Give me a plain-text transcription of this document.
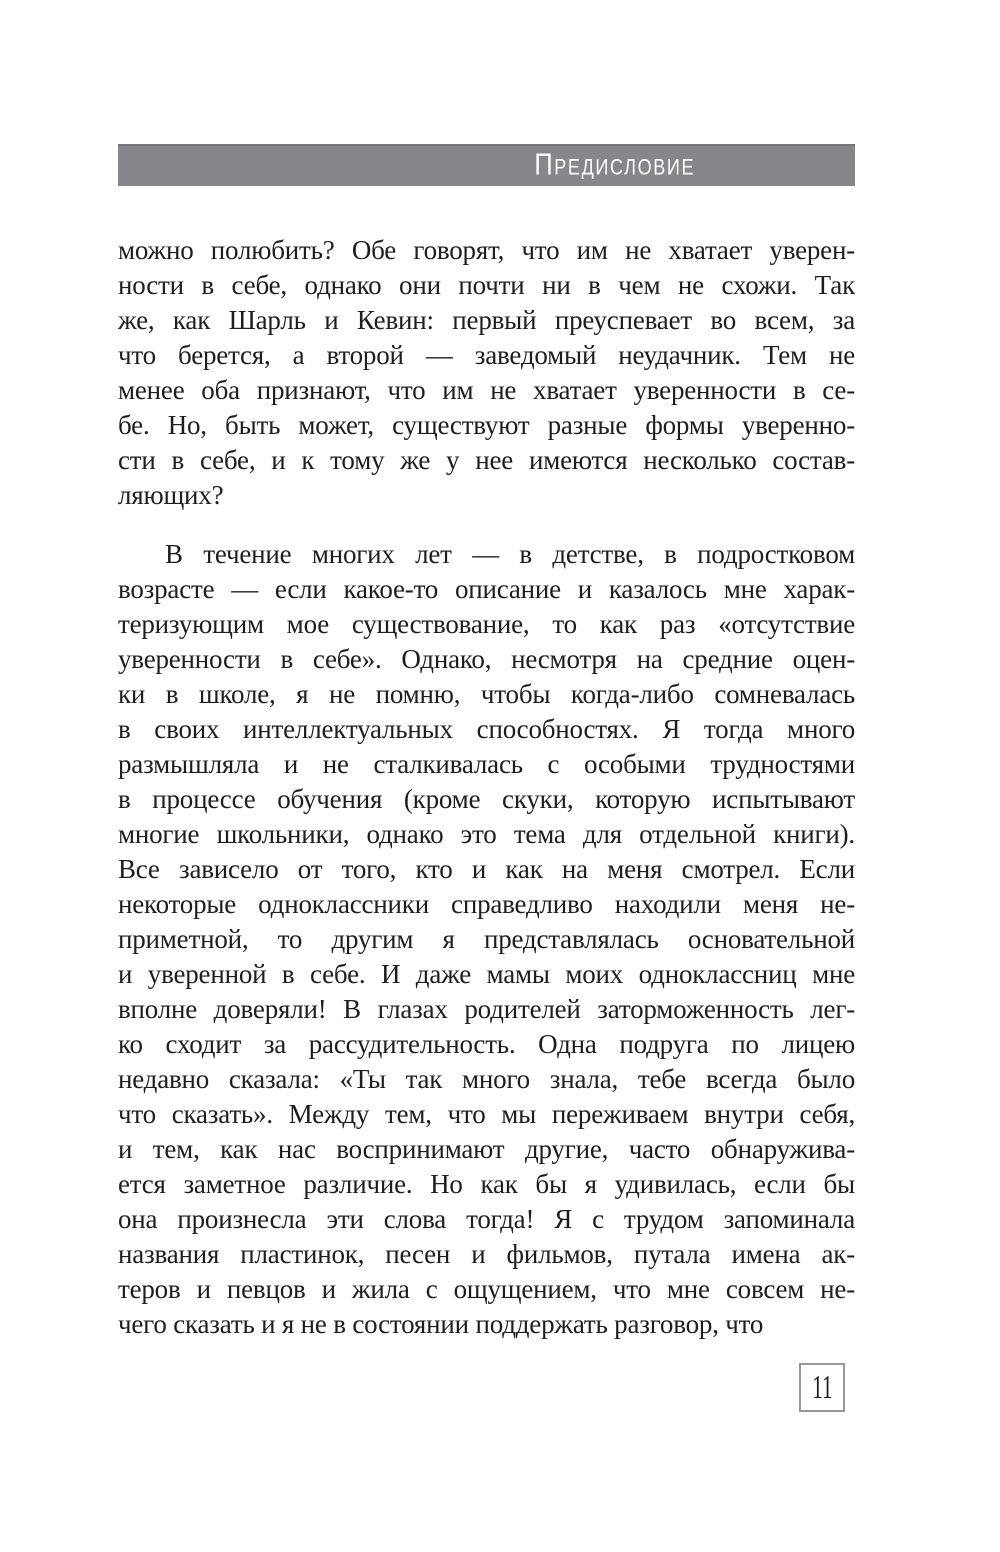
Предисловие
можно полюбить? Обе говорят, что им не хватает уверен-
ности в себе, однако они почти ни в чем не схожи. Так
же, как Шарль и Кевин: первый преуспевает во всем, за
что берется, а второй — заведомый неудачник. Тем не
менее оба признают, что им не хватает уверенности в се-
бе. Но, быть может, существуют разные формы уверенно-
сти в себе, и к тому же у нее имеются несколько состав-
ляющих?
В течение многих лет — в детстве, в подростковом
возрасте — если какое-то описание и казалось мне харак-
теризующим мое существование, то как раз «отсутствие
уверенности в себе». Однако, несмотря на средние оцен-
ки в школе, я не помню, чтобы когда-либо сомневалась
в своих интеллектуальных способностях. Я тогда много
размышляла и не сталкивалась с особыми трудностями
в процессе обучения (кроме скуки, которую испытывают
многие школьники, однако это тема для отдельной книги).
Все зависело от того, кто и как на меня смотрел. Если
некоторые одноклассники справедливо находили меня не-
приметной, то другим я представлялась основательной
и уверенной в себе. И даже мамы моих одноклассниц мне
вполне доверяли! В глазах родителей заторможенность лег-
ко сходит за рассудительность. Одна подруга по лицею
недавно сказала: «Ты так много знала, тебе всегда было
что сказать». Между тем, что мы переживаем внутри себя,
и тем, как нас воспринимают другие, часто обнаружива-
ется заметное различие. Но как бы я удивилась, если бы
она произнесла эти слова тогда! Я с трудом запоминала
названия пластинок, песен и фильмов, путала имена ак-
теров и певцов и жила с ощущением, что мне совсем не-
чего сказать и я не в состоянии поддержать разговор, что
11
